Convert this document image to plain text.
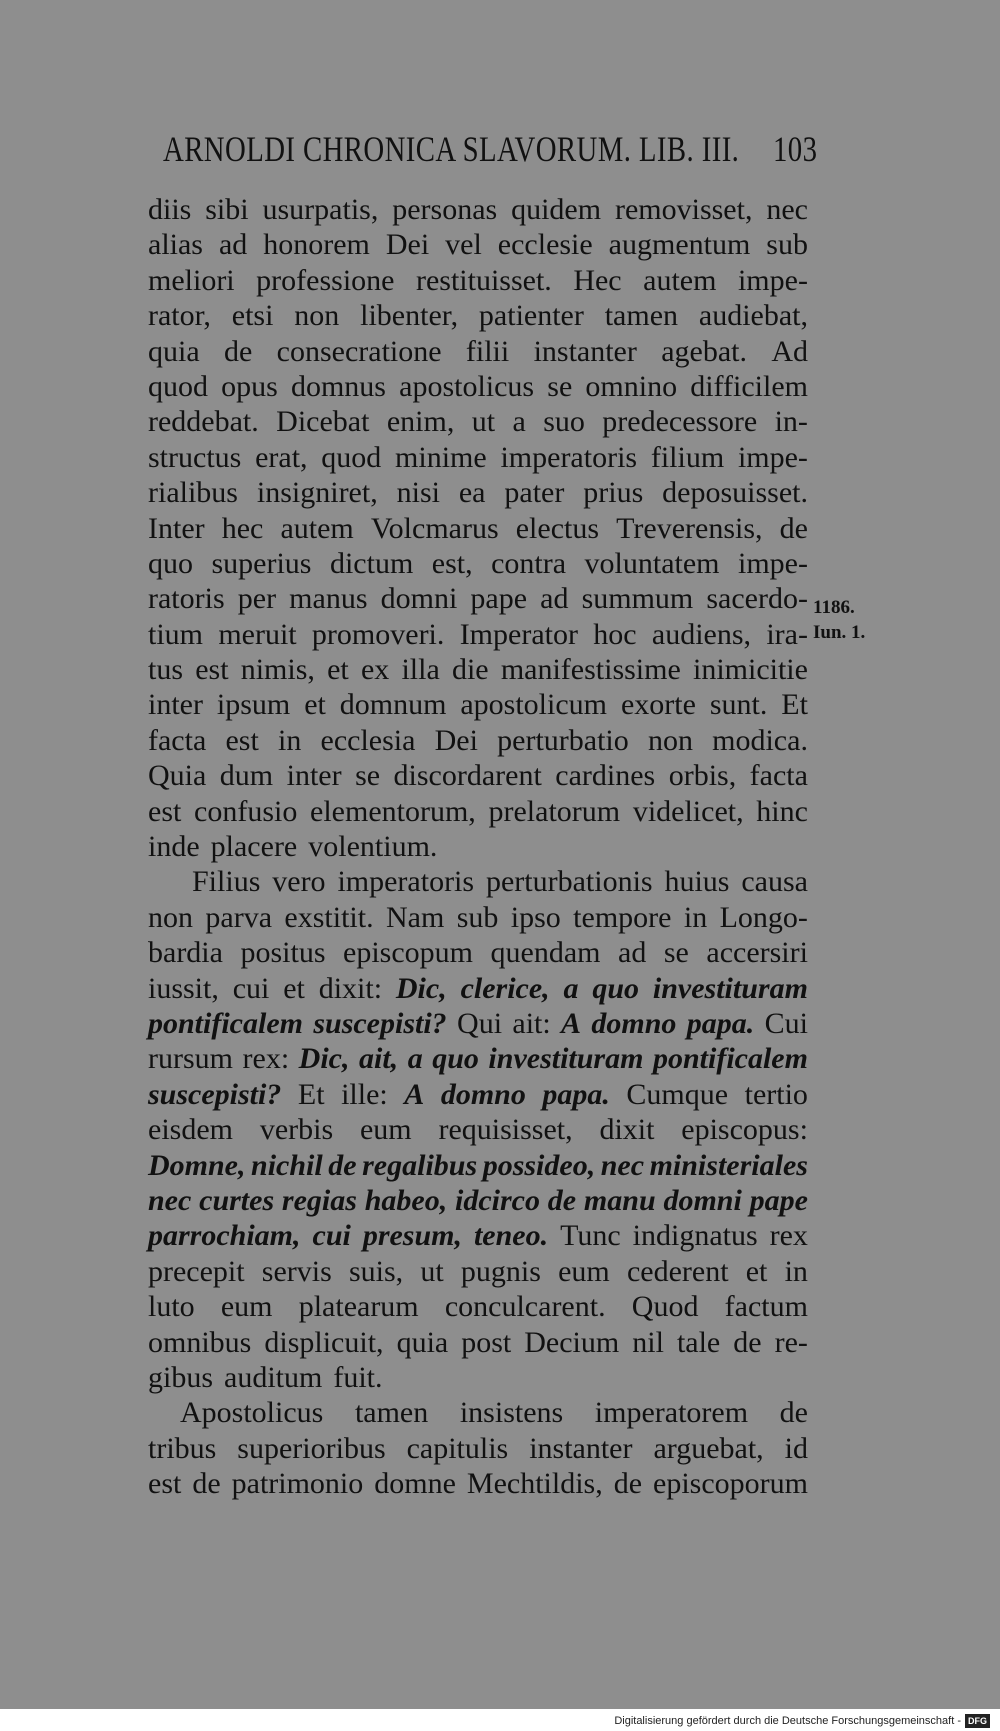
ARNOLDI CHRONICA SLAVORUM. LIB. III. 103
diis sibi usurpatis, personas quidem removisset, nec
alias ad honorem Dei vel ecclesie augmentum sub
meliori professione restituisset. Hec autem impe-
rator, etsi non libenter, patienter tamen audiebat,
quia de consecratione filii instanter agebat. Ad
quod opus domnus apostolicus se omnino difficilem
reddebat. Dicebat enim, ut a suo predecessore in-
structus erat, quod minime imperatoris filium impe-
rialibus insigniret, nisi ea pater prius deposuisset.
Inter hec autem Volcmarus electus Treverensis, de
quo superius dictum est, contra voluntatem impe-
ratoris per manus domni pape ad summum sacerdo-
tium meruit promoveri. Imperator hoc audiens, ira-
tus est nimis, et ex illa die manifestissime inimicitie
inter ipsum et domnum apostolicum exorte sunt. Et
facta est in ecclesia Dei perturbatio non modica.
Quia dum inter se discordarent cardines orbis, facta
est confusio elementorum, prelatorum videlicet, hinc
inde placere volentium.
Filius vero imperatoris perturbationis huius causa
non parva exstitit. Nam sub ipso tempore in Longo-
bardia positus episcopum quendam ad se accersiri
iussit, cui et dixit: Dic, clerice, a quo investituram
pontificalem suscepisti? Qui ait: A domno papa. Cui
rursum rex: Dic, ait, a quo investituram pontificalem
suscepisti? Et ille: A domno papa. Cumque tertio
eisdem verbis eum requisisset, dixit episcopus:
Domne, nichil de regalibus possideo, nec ministeriales
nec curtes regias habeo, idcirco de manu domni pape
parrochiam, cui presum, teneo. Tunc indignatus rex
precepit servis suis, ut pugnis eum cederent et in
luto eum platearum conculcarent. Quod factum
omnibus displicuit, quia post Decium nil tale de re-
gibus auditum fuit.
Apostolicus tamen insistens imperatorem de
tribus superioribus capitulis instanter arguebat, id
est de patrimonio domne Mechtildis, de episcoporum
1186.
Iun. 1.
Digitalisierung gefördert durch die Deutsche Forschungsgemeinschaft - DFG
